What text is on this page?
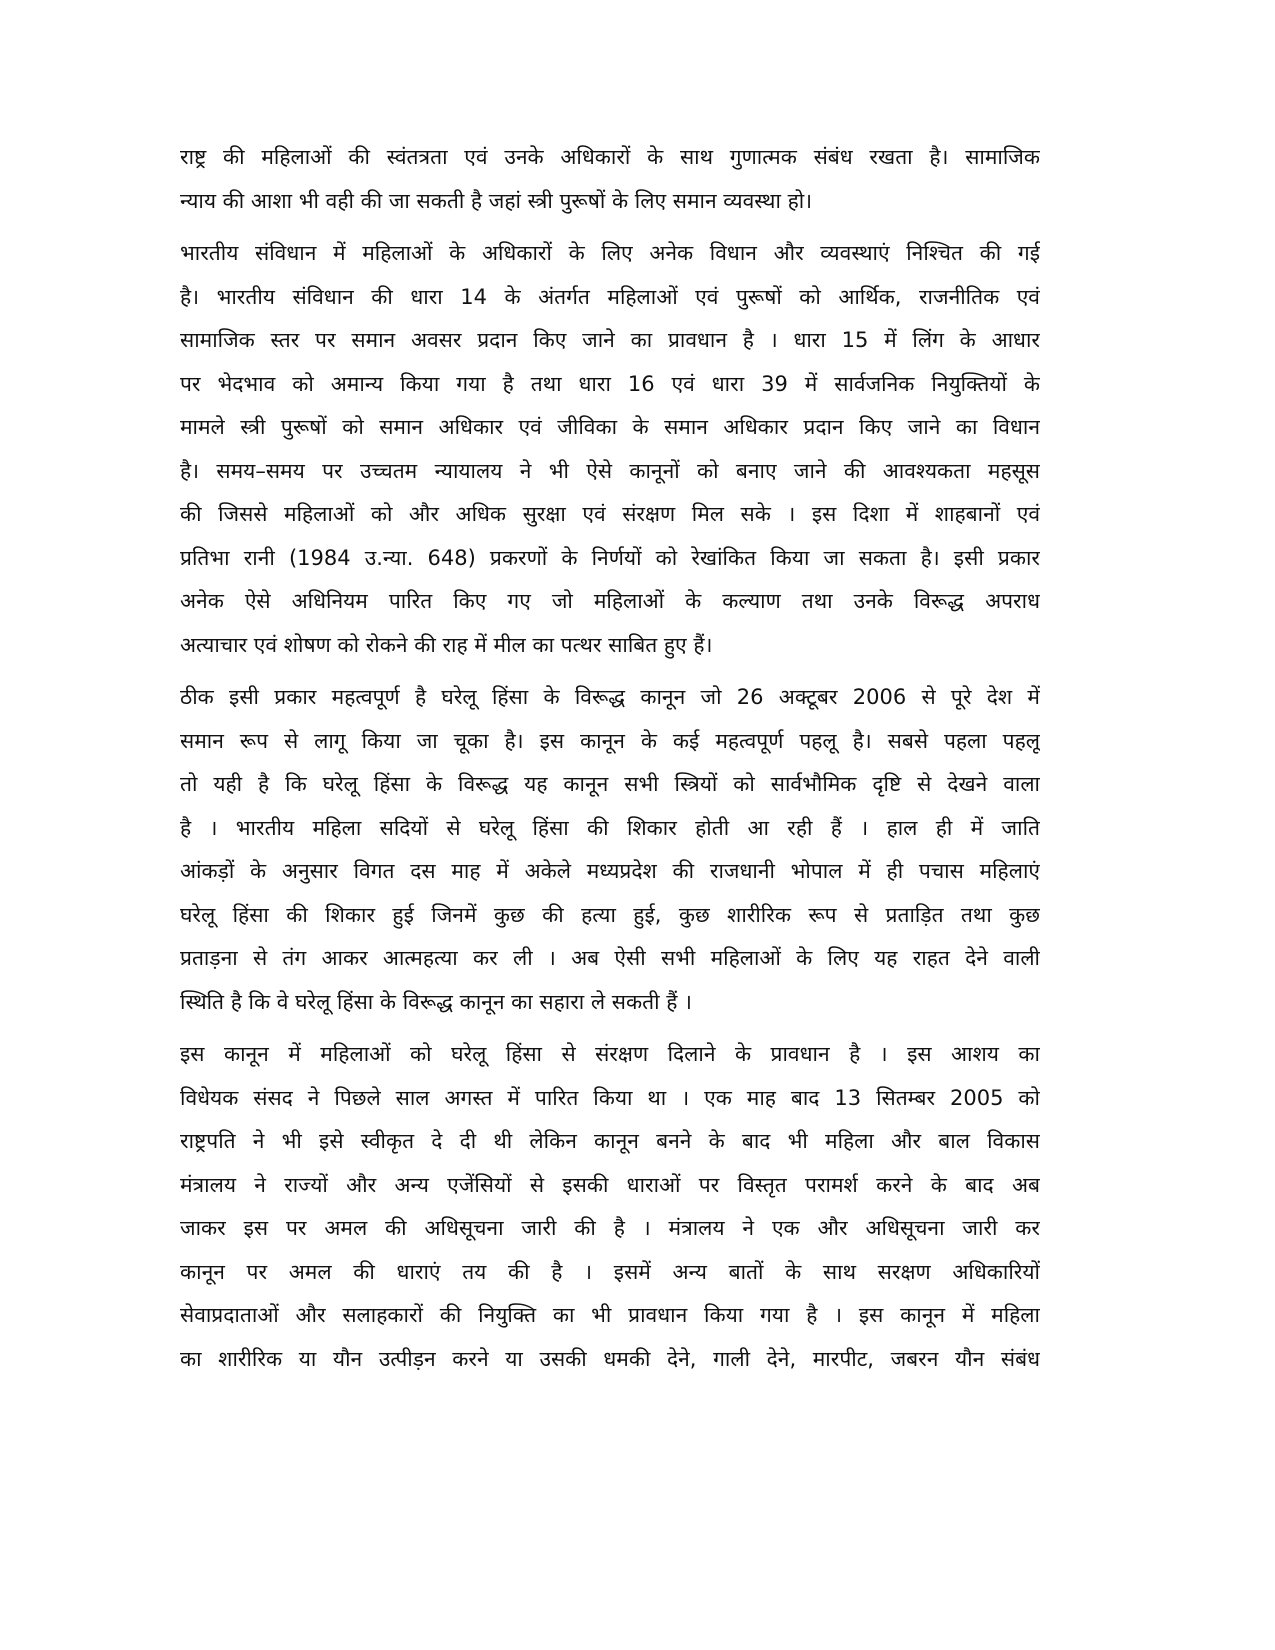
राष्ट्र की महिलाओं की स्वंतत्रता एवं उनके अधिकारों के साथ गुणात्मक संबंध रखता है। सामाजिक
न्याय की आशा भी वही की जा सकती है जहां स्त्री पुरूषों के लिए समान व्यवस्था हो।

भारतीय संविधान में महिलाओं के अधिकारों के लिए अनेक विधान और व्यवस्थाएं निश्चित की गई
है। भारतीय संविधान की धारा 14 के अंतर्गत महिलाओं एवं पुरूषों को आर्थिक, राजनीतिक एवं
सामाजिक स्तर पर समान अवसर प्रदान किए जाने का प्रावधान है । धारा 15 में लिंग के आधार
पर भेदभाव को अमान्य किया गया है तथा धारा 16 एवं धारा 39 में सार्वजनिक नियुक्तियों के
मामले स्त्री पुरूषों को समान अधिकार एवं जीविका के समान अधिकार प्रदान किए जाने का विधान
है। समय–समय पर उच्चतम न्यायालय ने भी ऐसे कानूनों को बनाए जाने की आवश्यकता महसूस
की जिससे महिलाओं को और अधिक सुरक्षा एवं संरक्षण मिल सके । इस दिशा में शाहबानों एवं
प्रतिभा रानी (1984 उ.न्या. 648) प्रकरणों के निर्णयों को रेखांकित किया जा सकता है। इसी प्रकार
अनेक ऐसे अधिनियम पारित किए गए जो महिलाओं के कल्याण तथा उनके विरूद्ध अपराध
अत्याचार एवं शोषण को रोकने की राह में मील का पत्थर साबित हुए हैं।

ठीक इसी प्रकार महत्वपूर्ण है घरेलू हिंसा के विरूद्ध कानून जो 26 अक्टूबर 2006 से पूरे देश में
समान रूप से लागू किया जा चूका है। इस कानून के कई महत्वपूर्ण पहलू है। सबसे पहला पहलू
तो यही है कि घरेलू हिंसा के विरूद्ध यह कानून सभी स्त्रियों को सार्वभौमिक दृष्टि से देखने वाला
है । भारतीय महिला सदियों से घरेलू हिंसा की शिकार होती आ रही हैं । हाल ही में जाति
आंकड़ों के अनुसार विगत दस माह में अकेले मध्यप्रदेश की राजधानी भोपाल में ही पचास महिलाएं
घरेलू हिंसा की शिकार हुई जिनमें कुछ की हत्या हुई, कुछ शारीरिक रूप से प्रताड़ित तथा कुछ
प्रताड़ना से तंग आकर आत्महत्या कर ली । अब ऐसी सभी महिलाओं के लिए यह राहत देने वाली
स्थिति है कि वे घरेलू हिंसा के विरूद्ध कानून का सहारा ले सकती हैं ।

इस कानून में महिलाओं को घरेलू हिंसा से संरक्षण दिलाने के प्रावधान है । इस आशय का
विधेयक संसद ने पिछले साल अगस्त में पारित किया था । एक माह बाद 13 सितम्बर 2005 को
राष्ट्रपति ने भी इसे स्वीकृत दे दी थी लेकिन कानून बनने के बाद भी महिला और बाल विकास
मंत्रालय ने राज्यों और अन्य एजेंसियों से इसकी धाराओं पर विस्तृत परामर्श करने के बाद अब
जाकर इस पर अमल की अधिसूचना जारी की है । मंत्रालय ने एक और अधिसूचना जारी कर
कानून पर अमल की धाराएं तय की है । इसमें अन्य बातों के साथ सरक्षण अधिकारियों
सेवाप्रदाताओं और सलाहकारों की नियुक्ति का भी प्रावधान किया गया है । इस कानून में महिला
का शारीरिक या यौन उत्पीड़न करने या उसकी धमकी देने, गाली देने, मारपीट, जबरन यौन संबंध
